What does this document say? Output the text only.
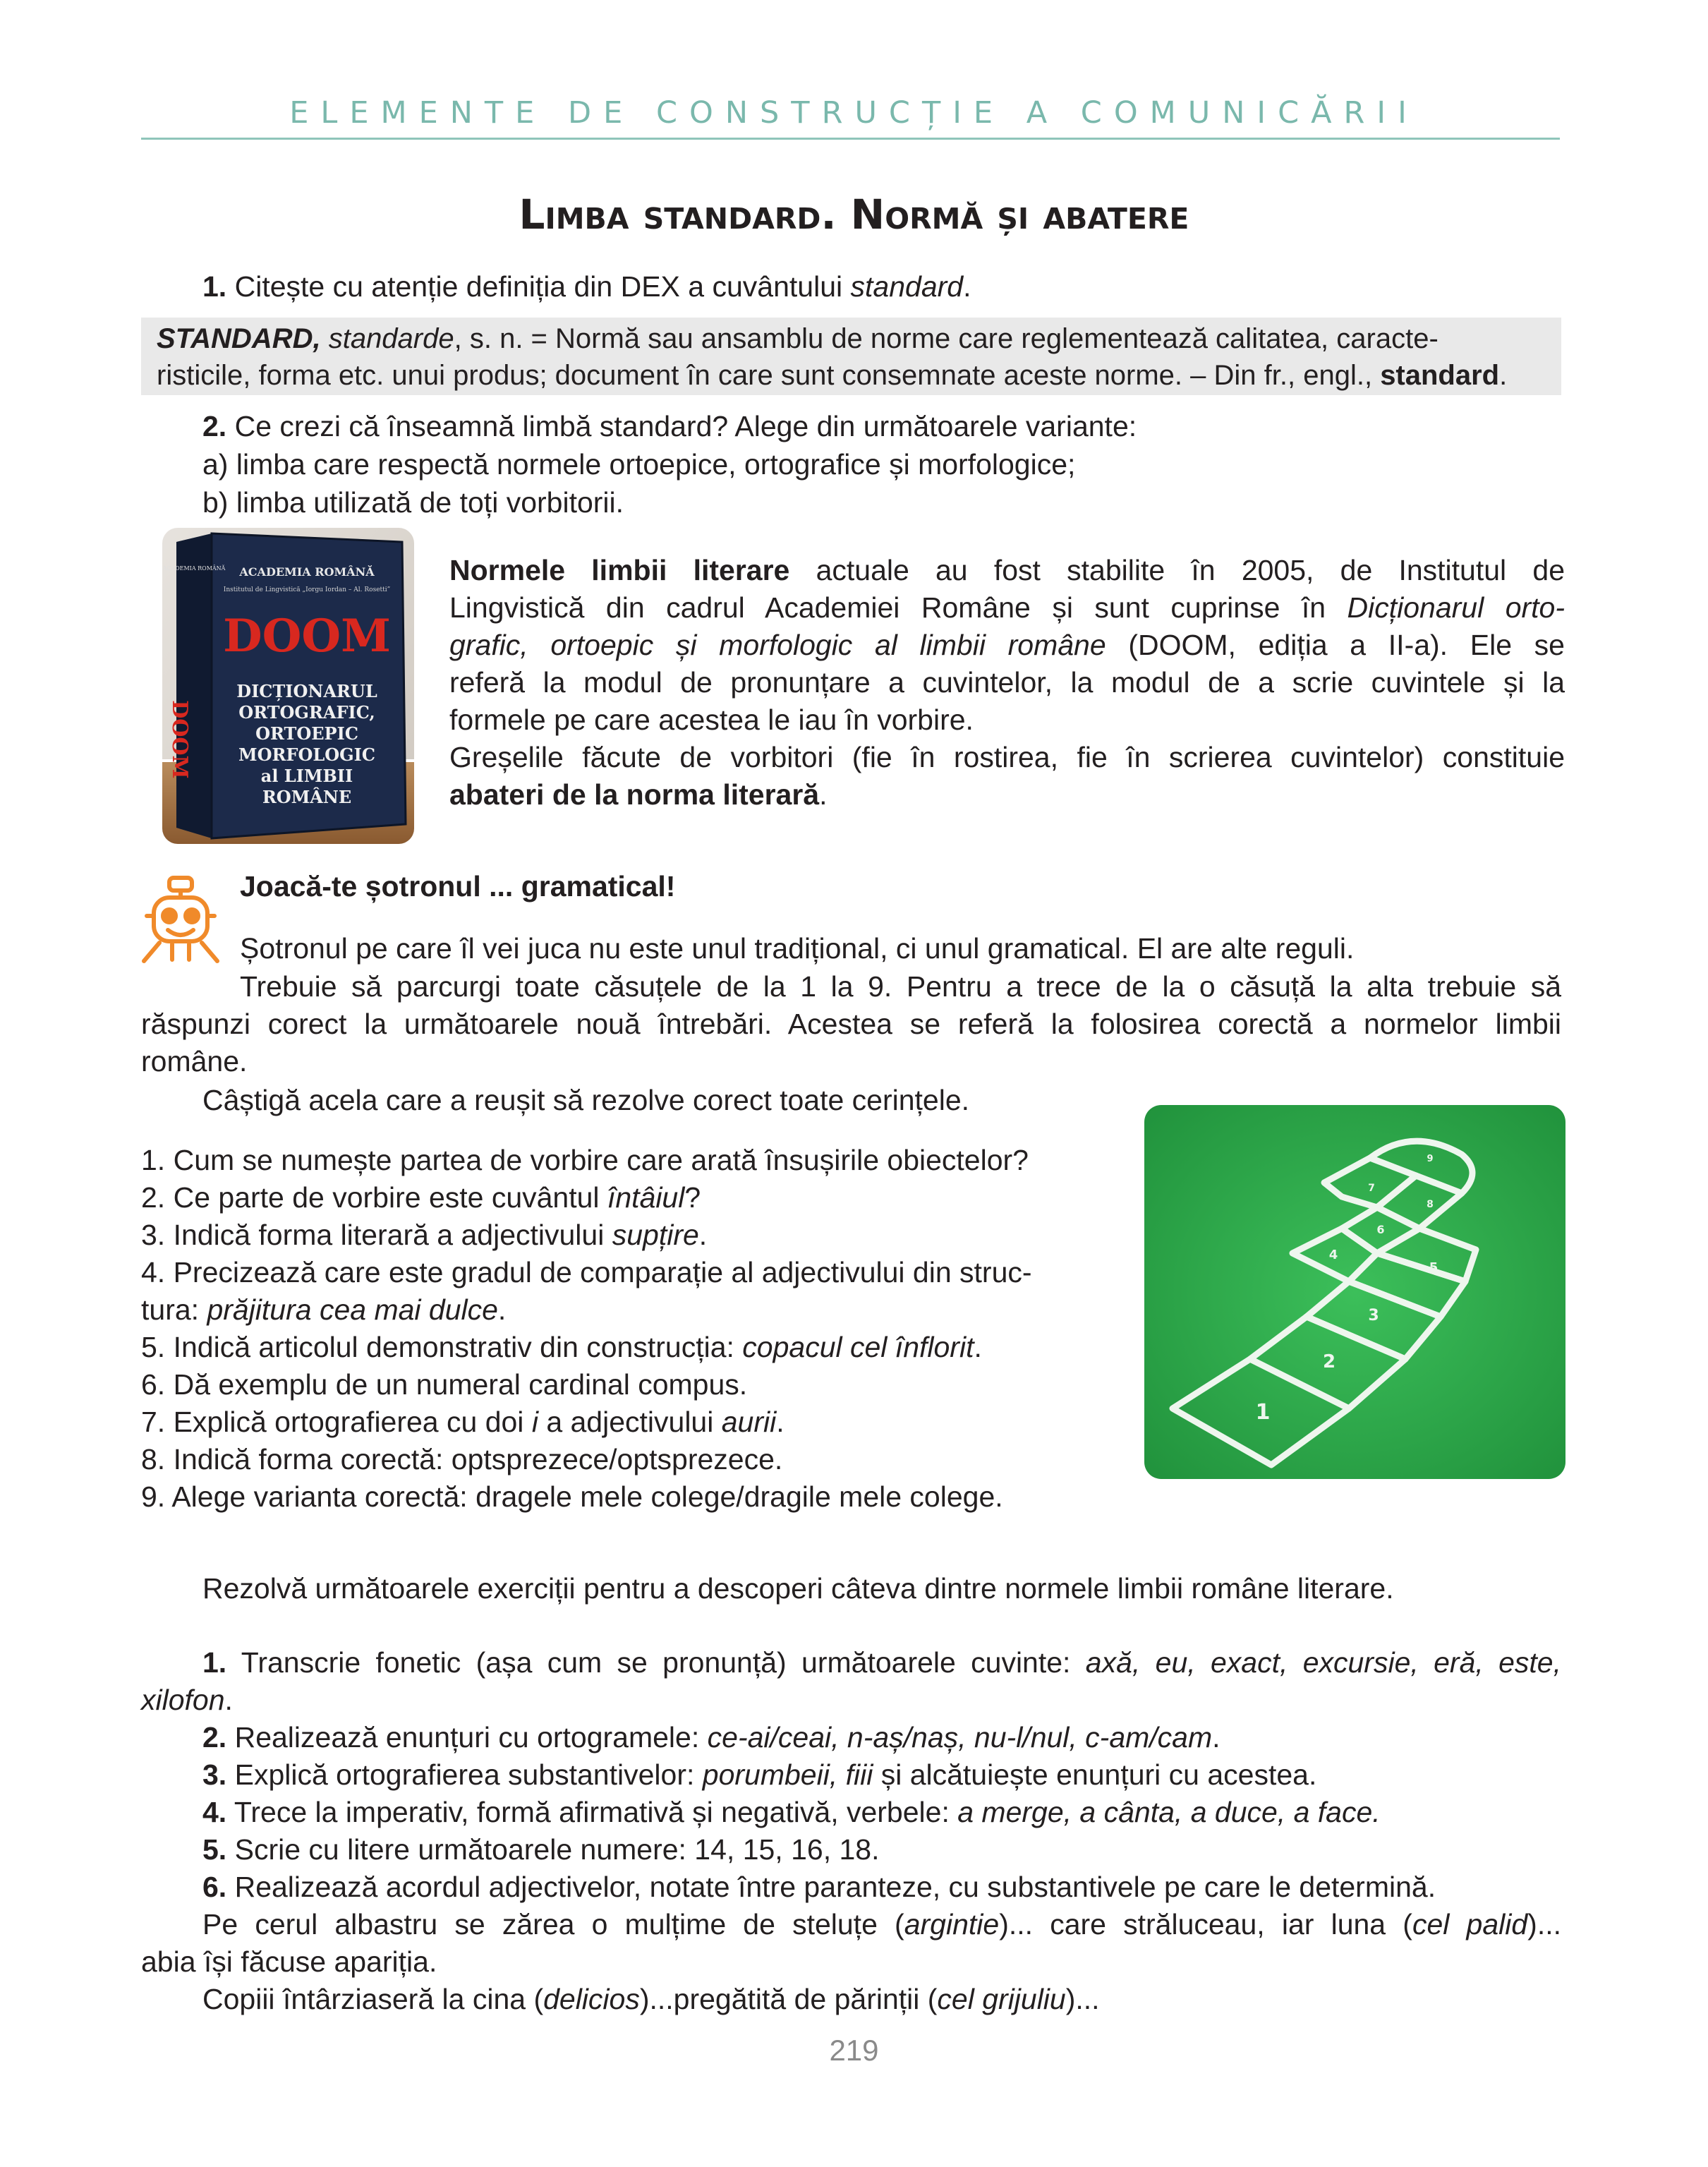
ELEMENTE DE CONSTRUCȚIE A COMUNICĂRII
Limba standard. Normă și abatere
1. Citește cu atenție definiția din DEX a cuvântului standard.

STANDARD, standarde, s. n. = Normă sau ansamblu de norme care reglementează calitatea, caracte-

risticile, forma etc. unui produs; document în care sunt consemnate aceste norme. – Din fr., engl., standard.

2. Ce crezi că înseamnă limbă standard? Alege din următoarele variante:
a) limba care respectă normele ortoepice, ortografice și morfologice;
b) limba utilizată de toți vorbitorii.
ACADEMIA ROMÂNĂ
Institutul de Lingvistică „Iorgu Iordan – Al. Rosetti”
DOOM
DICȚIONARUL
ORTOGRAFIC,
ORTOEPIC
MORFOLOGIC
al LIMBII
ROMÂNE
ACADEMIA ROMÂNĂ
DOOM

Normele limbii literare actuale au fost stabilite în 2005, de Institutul de

Lingvistică din cadrul Academiei Române și sunt cuprinse în Dicționarul orto-

grafic, ortoepic și morfologic al limbii române (DOOM, ediția a II-a). Ele se

referă la modul de pronunțare a cuvintelor, la modul de a scrie cuvintele și la

formele pe care acestea le iau în vorbire.

Greșelile făcute de vorbitori (fie în rostirea, fie în scrierea cuvintelor) constituie

abateri de la norma literară.

Joacă-te șotronul ... gramatical!
Șotronul pe care îl vei juca nu este unul tradițional, ci unul gramatical. El are alte reguli.

Trebuie să parcurgi toate căsuțele de la 1 la 9. Pentru a trece de la o căsuță la alta trebuie să

răspunzi corect la următoarele nouă întrebări. Acestea se referă la folosirea corectă a normelor limbii

române.

Câștigă acela care a reușit să rezolve corect toate cerințele.

1. Cum se numește partea de vorbire care arată însușirile obiectelor?

2. Ce parte de vorbire este cuvântul întâiul?

3. Indică forma literară a adjectivului supțire.

4. Precizează care este gradul de comparație al adjectivului din struc-

tura: prăjitura cea mai dulce.

5. Indică articolul demonstrativ din construcția: copacul cel înflorit.

6. Dă exemplu de un numeral cardinal compus.

7. Explică ortografierea cu doi i a adjectivului aurii.

8. Indică forma corectă: optsprezece/optsprezece.

9. Alege varianta corectă: dragele mele colege/dragile mele colege.

1
2
3
4
5
6
7
8
9
Rezolvă următoarele exerciții pentru a descoperi câteva dintre normele limbii române literare.

1. Transcrie fonetic (așa cum se pronunță) următoarele cuvinte: axă, eu, exact, excursie, eră, este,

xilofon.

2. Realizează enunțuri cu ortogramele: ce-ai/ceai, n-aș/naș, nu-l/nul, c-am/cam.

3. Explică ortografierea substantivelor: porumbeii, fiii și alcătuiește enunțuri cu acestea.

4. Trece la imperativ, formă afirmativă și negativă, verbele: a merge, a cânta, a duce, a face.

5. Scrie cu litere următoarele numere: 14, 15, 16, 18.

6. Realizează acordul adjectivelor, notate între paranteze, cu substantivele pe care le determină.

Pe cerul albastru se zărea o mulțime de steluțe (argintie)... care străluceau, iar luna (cel palid)...

abia își făcuse apariția.

Copiii întârziaseră la cina (delicios)...pregătită de părinții (cel grijuliu)...

219
